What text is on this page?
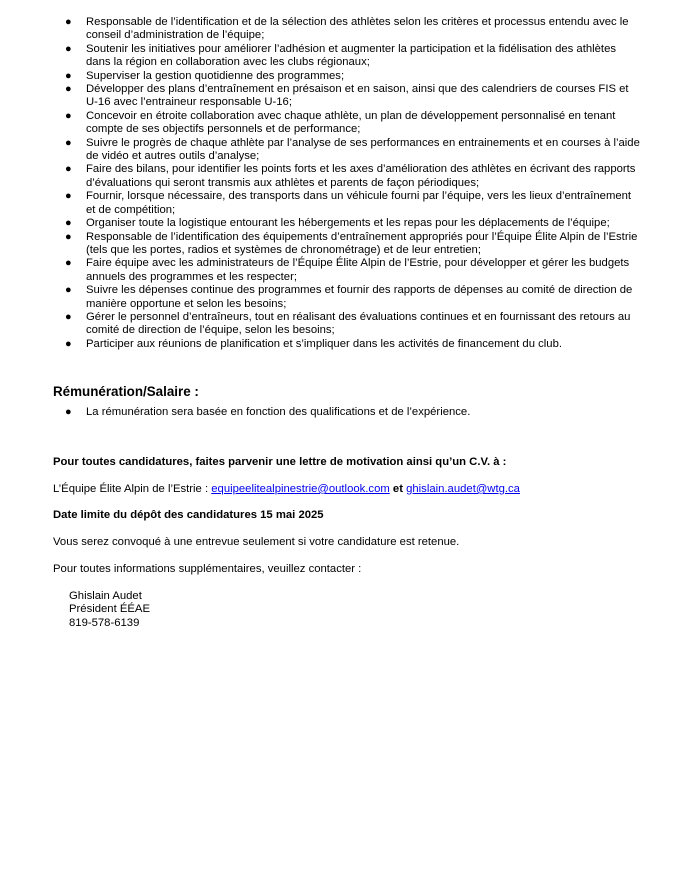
● Responsable de l’identification et de la sélection des athlètes selon les critères et processus entendu avec le conseil d’administration de l’équipe;
● Soutenir les initiatives pour améliorer l’adhésion et augmenter la participation et la fidélisation des athlètes dans la région en collaboration avec les clubs régionaux;
● Superviser la gestion quotidienne des programmes;
● Développer des plans d’entraînement en présaison et en saison, ainsi que des calendriers de courses FIS et U-16 avec l’entraineur responsable U-16;
● Concevoir en étroite collaboration avec chaque athlète, un plan de développement personnalisé en tenant compte de ses objectifs personnels et de performance;
● Suivre le progrès de chaque athlète par l’analyse de ses performances en entrainements et en courses à l’aide de vidéo et autres outils d’analyse;
● Faire des bilans, pour identifier les points forts et les axes d’amélioration des athlètes en écrivant des rapports d’évaluations qui seront transmis aux athlètes et parents de façon périodiques;
● Fournir, lorsque nécessaire, des transports dans un véhicule fourni par l’équipe, vers les lieux d’entraînement et de compétition;
● Organiser toute la logistique entourant les hébergements et les repas pour les déplacements de l’équipe;
● Responsable de l’identification des équipements d’entraînement appropriés pour l’Équipe Élite Alpin de l’Estrie (tels que les portes, radios et systèmes de chronométrage) et de leur entretien;
● Faire équipe avec les administrateurs de l’Équipe Élite Alpin de l’Estrie, pour développer et gérer les budgets annuels des programmes et les respecter;
● Suivre les dépenses continue des programmes et fournir des rapports de dépenses au comité de direction de manière opportune et selon les besoins;
● Gérer le personnel d’entraîneurs, tout en réalisant des évaluations continues et en fournissant des retours au comité de direction de l’équipe, selon les besoins;
● Participer aux réunions de planification et s’impliquer dans les activités de financement du club.
Rémunération/Salaire :
● La rémunération sera basée en fonction des qualifications et de l’expérience.

Pour toutes candidatures, faites parvenir une lettre de motivation ainsi qu’un C.V. à :

L’Équipe Élite Alpin de l’Estrie : equipeelitealpinestrie@outlook.com et ghislain.audet@wtg.ca

Date limite du dépôt des candidatures 15 mai 2025

Vous serez convoqué à une entrevue seulement si votre candidature est retenue.

Pour toutes informations supplémentaires, veuillez contacter :

Ghislain Audet
Président ÉÉAE
819-578-6139
